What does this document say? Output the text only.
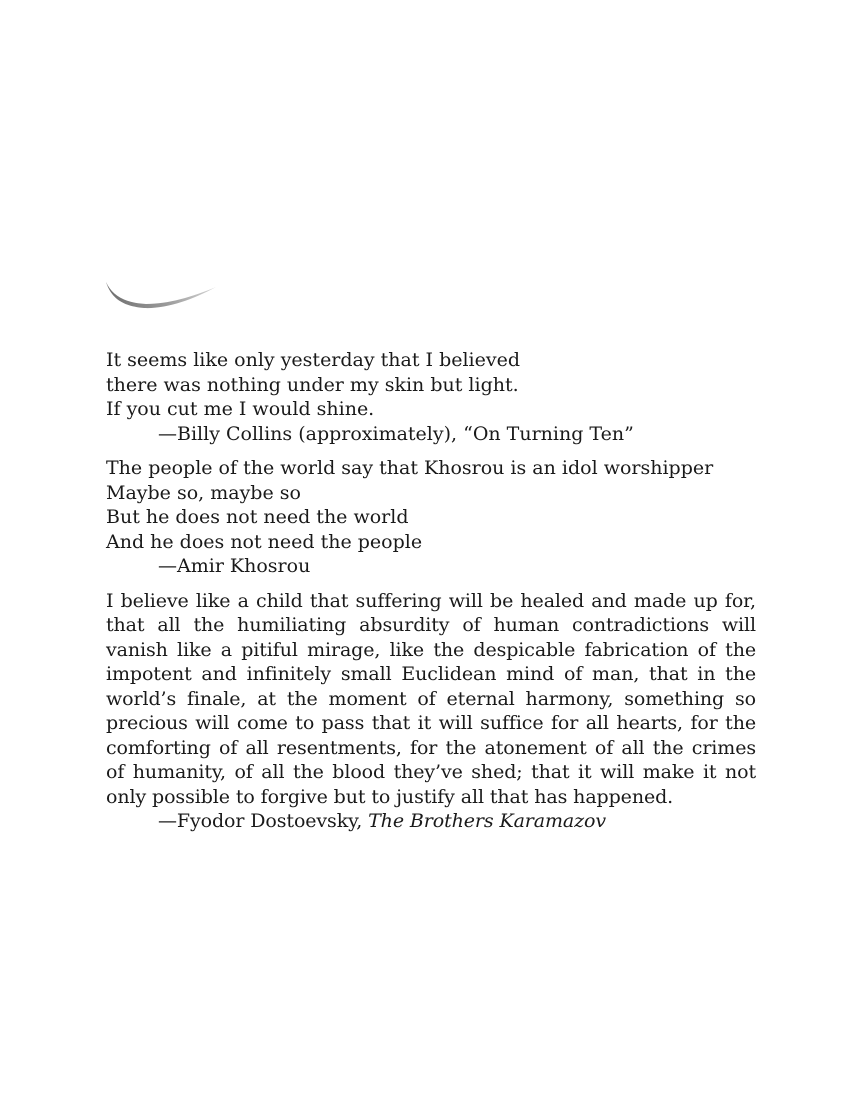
It seems like only yesterday that I believed
there was nothing under my skin but light.
If you cut me I would shine.
—Billy Collins (approximately), “On Turning Ten”
The people of the world say that Khosrou is an idol worshipper
Maybe so, maybe so
But he does not need the world
And he does not need the people
—Amir Khosrou
I believe like a child that suffering will be healed and made up for, that all the humiliating absurdity of human contradictions will vanish like a pitiful mirage, like the despicable fabrication of the impotent and infinitely small Euclidean mind of man, that in the world’s finale, at the moment of eternal harmony, something so precious will come to pass that it will suffice for all hearts, for the comforting of all resentments, for the atonement of all the crimes of humanity, of all the blood they’ve shed; that it will make it not only possible to forgive but to justify all that has happened.
—Fyodor Dostoevsky, The Brothers Karamazov
